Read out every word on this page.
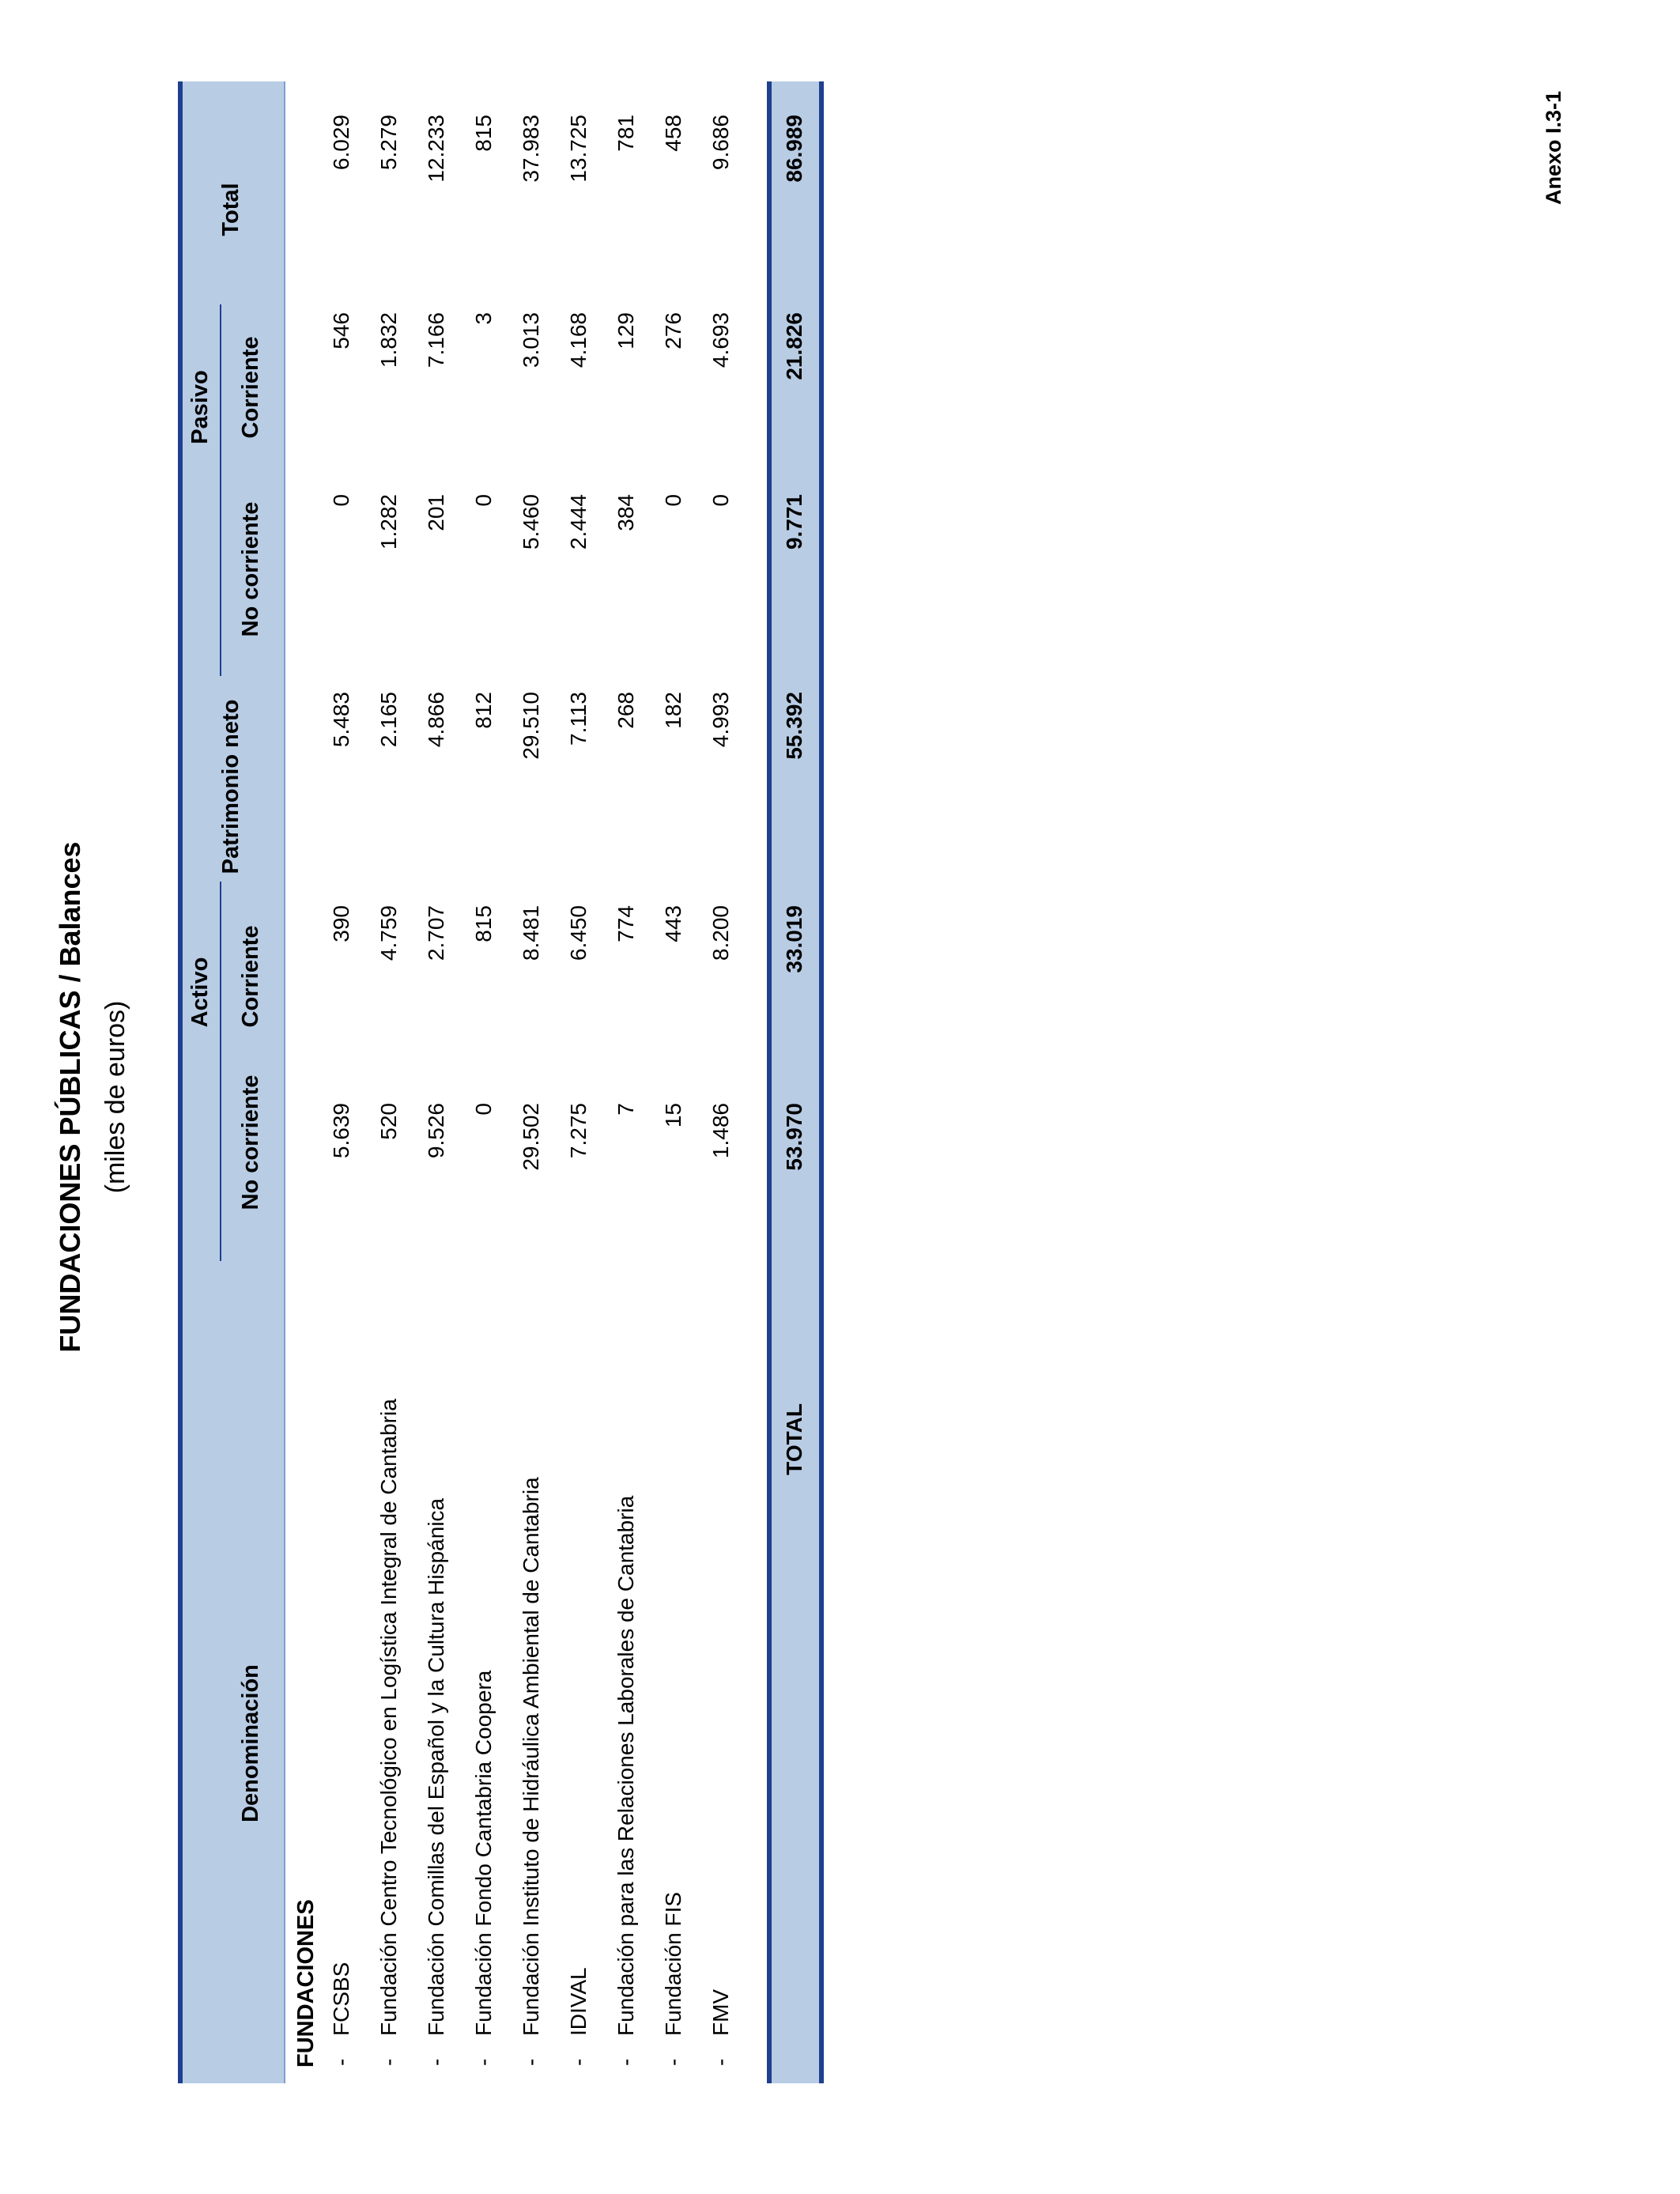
Anexo I.3-1
FUNDACIONES PÚBLICAS / Balances (miles de euros)
Denominación
Activo
No corriente
Corriente
Patrimonio neto
Pasivo
No corriente
Corriente
Total
FUNDACIONES -
FCSBS
5.639
390
5.483
0
546
6.029
-
Fundación Centro Tecnológico en Logística Integral de Cantabria
520
4.759
2.165
1.282
1.832
5.279
-
Fundación Comillas del Español y la Cultura Hispánica
9.526
2.707
4.866
201
7.166
12.233
-
Fundación Fondo Cantabria Coopera
0
815
812
0
3
815
-
Fundación Instituto de Hidráulica Ambiental de Cantabria
29.502
8.481
29.510
5.460
3.013
37.983
-
IDIVAL
7.275
6.450
7.113
2.444
4.168
13.725
-
Fundación para las Relaciones Laborales de Cantabria
7
774
268
384
129
781
-
Fundación FIS
15
443
182
0
276
458
-
FMV
1.486
8.200
4.993
0
4.693
9.686
TOTAL
53.970
33.019
55.392
9.771
21.826
86.989
